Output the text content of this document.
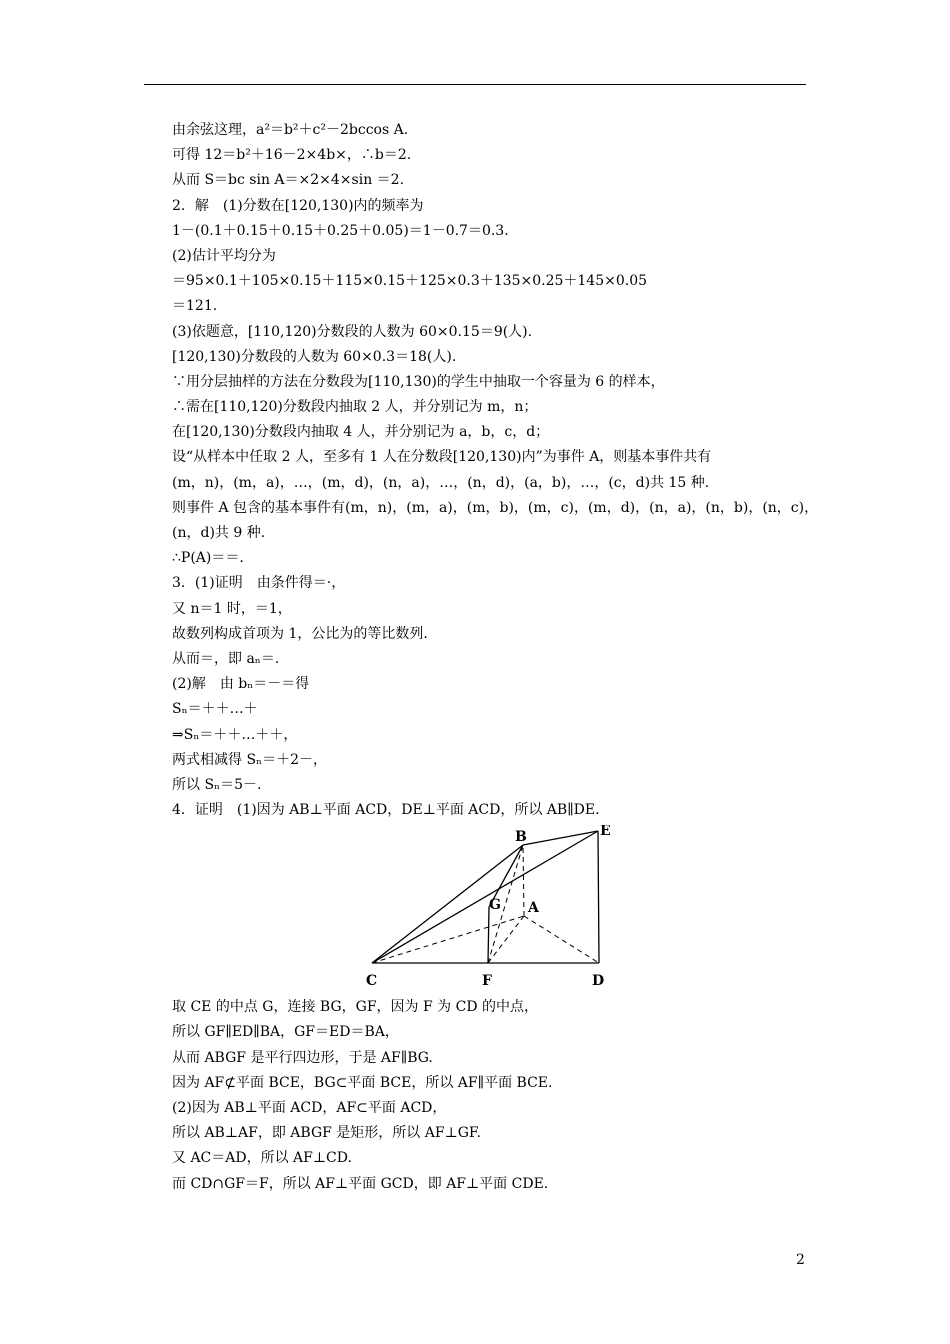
由余弦这理，a²＝b²＋c²－2bccos A.
可得 12＝b²＋16－2×4b×，∴b＝2.
从而 S＝bc sin A＝×2×4×sin ＝2.
2．解　(1)分数在[120,130)内的频率为
1－(0.1＋0.15＋0.15＋0.25＋0.05)＝1－0.7＝0.3.
(2)估计平均分为
＝95×0.1＋105×0.15＋115×0.15＋125×0.3＋135×0.25＋145×0.05
＝121.
(3)依题意，[110,120)分数段的人数为 60×0.15＝9(人).
[120,130)分数段的人数为 60×0.3＝18(人).
∵用分层抽样的方法在分数段为[110,130)的学生中抽取一个容量为 6 的样本，
∴需在[110,120)分数段内抽取 2 人，并分别记为 m，n；
在[120,130)分数段内抽取 4 人，并分别记为 a，b，c，d；
设“从样本中任取 2 人，至多有 1 人在分数段[120,130)内”为事件 A，则基本事件共有
(m，n)，(m，a)，…，(m，d)，(n，a)，…，(n，d)，(a，b)，…，(c，d)共 15 种.
则事件 A 包含的基本事件有(m，n)，(m，a)，(m，b)，(m，c)，(m，d)，(n，a)，(n，b)，(n，c)，
(n，d)共 9 种.
∴P(A)＝＝.
3．(1)证明　由条件得＝·，
又 n＝1 时，＝1，
故数列构成首项为 1，公比为的等比数列.
从而＝，即 aₙ＝.
(2)解　由 bₙ＝－＝得
Sₙ＝＋＋…＋
⇒Sₙ＝＋＋…＋＋，
两式相减得 Sₙ＝＋2－，
所以 Sₙ＝5－.
4．证明　(1)因为 AB⊥平面 ACD，DE⊥平面 ACD，所以 AB∥DE.
B	E
G A
C	F	D
取 CE 的中点 G，连接 BG，GF，因为 F 为 CD 的中点，
所以 GF∥ED∥BA，GF＝ED＝BA，
从而 ABGF 是平行四边形，于是 AF∥BG.
因为 AF⊄平面 BCE，BG⊂平面 BCE，所以 AF∥平面 BCE.
(2)因为 AB⊥平面 ACD，AF⊂平面 ACD，
所以 AB⊥AF，即 ABGF 是矩形，所以 AF⊥GF.
又 AC＝AD，所以 AF⊥CD.
而 CD∩GF＝F，所以 AF⊥平面 GCD，即 AF⊥平面 CDE.
2
